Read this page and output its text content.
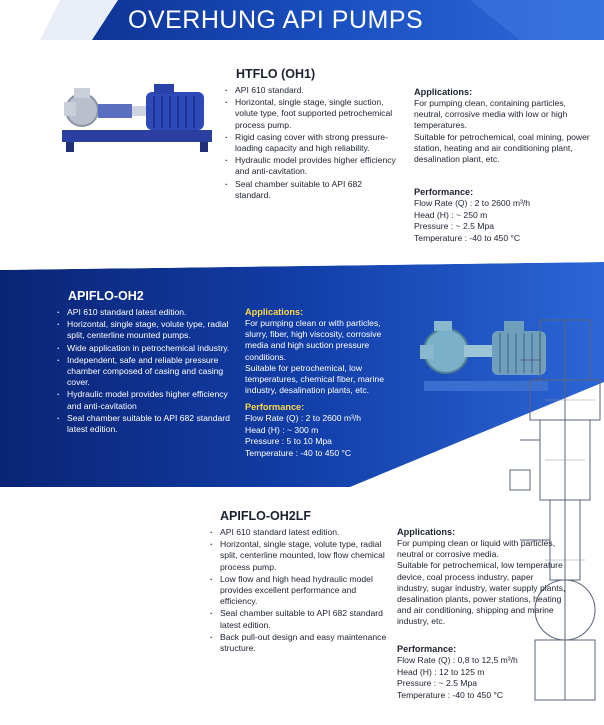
OVERHUNG API PUMPS
HTFLO (OH1)
· API 610 standard.
· Horizontal, single stage, single suction, volute type, foot supported petrochemical process pump.
· Rigid casing cover with strong pressure-loading capacity and high reliability.
· Hydraulic model provides higher efficiency and anti-cavitation.
· Seal chamber suitable to API 682 standard.
Applications:
For pumping clean, containing particles, neutral, corrosive media with low or high temperatures.
Suitable for petrochemical, coal mining, power station, heating and air conditioning plant, desalination plant, etc.
Performance:
Flow Rate (Q) : 2 to 2600 m³/h
Head (H) : ~ 250 m
Pressure : ~ 2.5 Mpa
Temperature : -40 to 450 °C
APIFLO-OH2
· API 610 standard latest edition.
· Horizontal, single stage, volute type, radial split, centerline mounted pumps.
· Wide application in petrochemical industry.
· Independent, safe and reliable pressure chamber composed of casing and casing cover.
· Hydraulic model provides higher efficiency and anti-cavitation
· Seal chamber suitable to API 682 standard latest edition.
Applications:
For pumping clean or with particles, slurry, fiber, high viscosity, corrosive media and high suction pressure conditions.
Suitable for petrochemical, low temperatures, chemical fiber, marine industry, desalination plants, etc.
Performance:
Flow Rate (Q) : 2 to 2600 m³/h
Head (H) : ~ 300 m
Pressure : 5 to 10 Mpa
Temperature : -40 to 450 °C
APIFLO-OH2LF
· API 610 standard latest edition.
· Horizontal, single stage, volute type, radial split, centerline mounted, low flow chemical process pump.
· Low flow and high head hydraulic model provides excellent performance and efficiency.
· Seal chamber suitable to API 682 standard latest edition.
· Back pull-out design and easy maintenance structure.
Applications:
For pumping clean or liquid with particles, neutral or corrosive media.
Suitable for petrochemical, low temperature device, coal process industry, paper industry, sugar industry, water supply plants, desalination plants, power stations, heating and air conditioning, shipping and marine industry, etc.
Performance:
Flow Rate (Q) : 0,8 to 12,5 m³/h
Head (H) : 12 to 125 m
Pressure : ~ 2.5 Mpa
Temperature : -40 to 450 °C
